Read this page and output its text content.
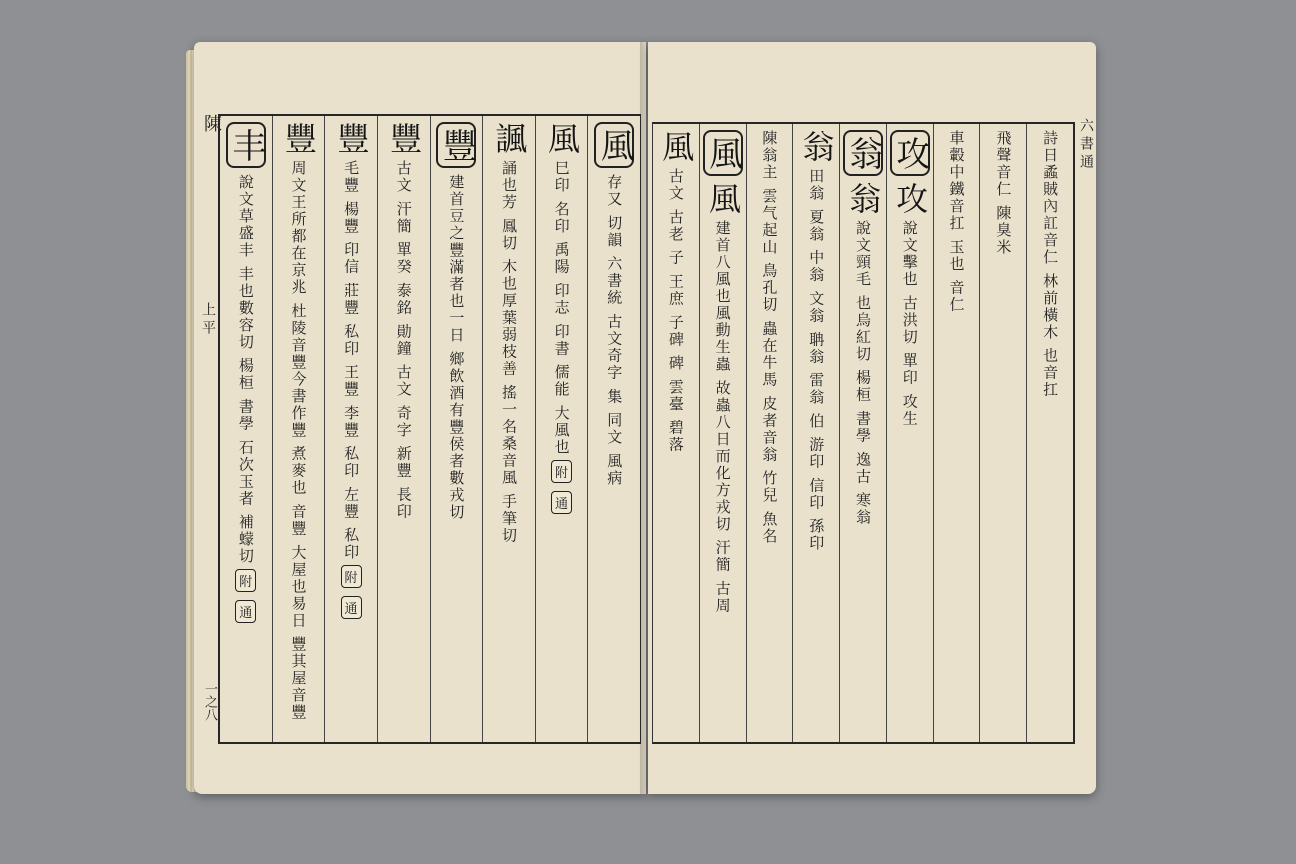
陳
上平
一之八
風
存又 切韻 六書統 古文奇字 集 同文 風病
風
巳印 名印 禹陽 印志 印書 儒能 大風也
附
通
諷
誦也芳 鳳切 木也厚葉弱枝善 搖一名桑音風 手筆切
豐
建首豆之豐滿者也一日 鄉飲酒有豐侯者數戎切
豐
古文 汗簡 單癸 泰銘 勛鐘 古文 奇字 新豐 長印
豐
毛豐 楊豐 印信 莊豐 私印 王豐 李豐 私印 左豐 私印
附
通
豐
周文王所都在京兆 杜陵音豐今書作豐 煮麥也 音豐 大屋也易日 豐其屋音豐
丰
說文草盛丰 丰也數容切 楊桓 書學 石次玉者 補蠓切
附
通
六書通
詩日蟊賊
內訌音仁 林前橫木 也音扛
飛聲
音仁 陳臭米
車轂中
鐵音扛 玉也 音仁
攻
攻
說文擊也 古洪切 單印 攻生
翁
翁
說文頸毛 也烏紅切 楊桓 書學 逸古 寒翁
翁
田翁 夏翁 中翁 文翁 聃翁 雷翁 伯 游印 信印 孫印
陳翁
主 雲气起山 鳥孔切 蟲在牛馬 皮者音翁 竹兒 魚名
風
風
建首八風也風動生蟲 故蟲八日而化方戎切 汗簡 古周
風
古文 古老 子 王庶 子碑 碑 雲臺 碧落
